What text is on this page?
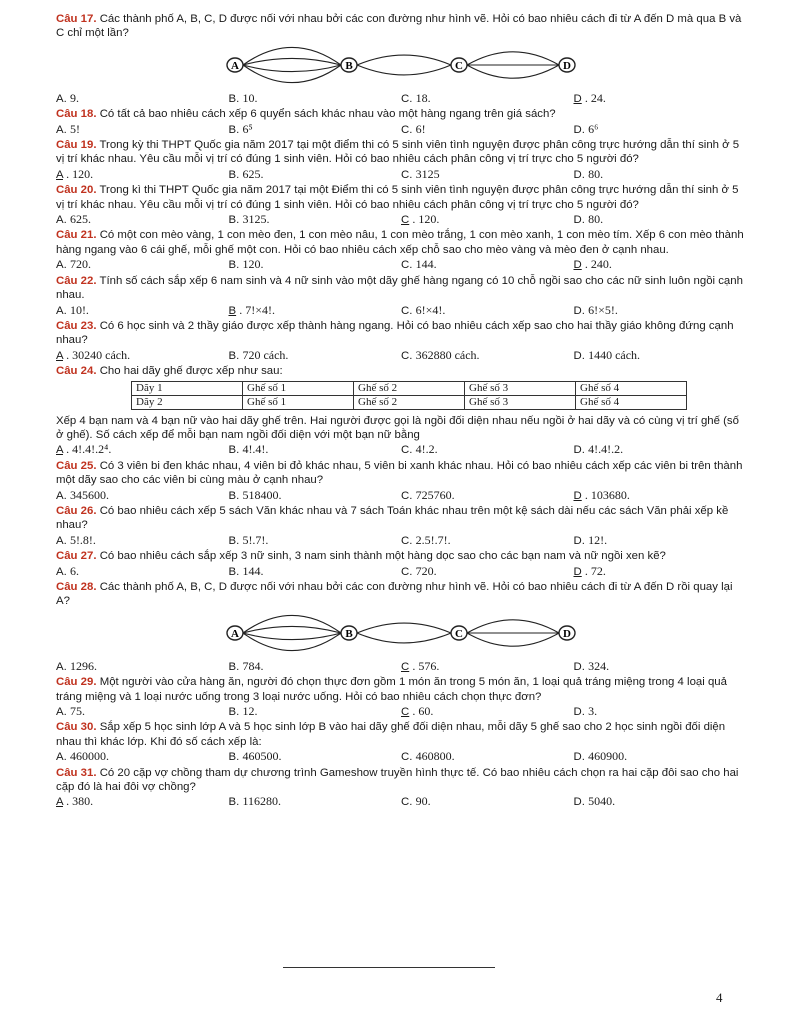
Câu 17. Các thành phố A, B, C, D được nối với nhau bởi các con đường như hình vẽ. Hỏi có bao nhiêu cách đi từ A đến D mà qua B và C chỉ một lần?
A	B	C	D
A. 9.	B. 10.	C. 18.	D . 24.
Câu 18. Có tất cả bao nhiêu cách xếp 6 quyển sách khác nhau vào một hàng ngang trên giá sách?
A. 5!	B. 6⁵	C. 6!	D. 6⁶
Câu 19. Trong kỳ thi THPT Quốc gia năm 2017 tại một điểm thi có 5 sinh viên tình nguyện được phân công trực hướng dẫn thí sinh ở 5 vị trí khác nhau. Yêu cầu mỗi vị trí có đúng 1 sinh viên. Hỏi có bao nhiêu cách phân công vị trí trực cho 5 người đó?
A . 120.	B. 625.	C. 3125	D. 80.
Câu 20. Trong kì thi THPT Quốc gia năm 2017 tại một Điểm thi có 5 sinh viên tình nguyện được phân công trực hướng dẫn thí sinh ở 5 vị trí khác nhau. Yêu cầu mỗi vị trí có đúng 1 sinh viên. Hỏi có bao nhiêu cách phân công vị trí trực cho 5 người đó?
A. 625.	B. 3125.	C . 120.	D. 80.
Câu 21. Có một con mèo vàng, 1 con mèo đen, 1 con mèo nâu, 1 con mèo trắng, 1 con mèo xanh, 1 con mèo tím. Xếp 6 con mèo thành hàng ngang vào 6 cái ghế, mỗi ghế một con. Hỏi có bao nhiêu cách xếp chỗ sao cho mèo vàng và mèo đen ở cạnh nhau.
A. 720.	B. 120.	C. 144.	D . 240.
Câu 22. Tính số cách sắp xếp 6 nam sinh và 4 nữ sinh vào một dãy ghế hàng ngang có 10 chỗ ngồi sao cho các nữ sinh luôn ngồi cạnh nhau.
A. 10!.	B . 7!×4!.	C. 6!×4!.	D. 6!×5!.
Câu 23. Có 6 học sinh và 2 thầy giáo được xếp thành hàng ngang. Hỏi có bao nhiêu cách xếp sao cho hai thầy giáo không đứng cạnh nhau?
A . 30240 cách.	B. 720 cách.	C. 362880 cách.	D. 1440 cách.
Câu 24. Cho hai dãy ghế được xếp như sau:
Dãy 1	Ghế số 1	Ghế số 2	Ghế số 3	Ghế số 4
Dãy 2	Ghế số 1	Ghế số 2	Ghế số 3	Ghế số 4
Xếp 4 bạn nam và 4 bạn nữ vào hai dãy ghế trên. Hai người được gọi là ngồi đối diện nhau nếu ngồi ở hai dãy và có cùng vị trí ghế (số ở ghế). Số cách xếp để mỗi bạn nam ngồi đối diện với một bạn nữ bằng
A . 4!.4!.2⁴.	B. 4!.4!.	C. 4!.2.	D. 4!.4!.2.
Câu 25. Có 3 viên bi đen khác nhau, 4 viên bi đỏ khác nhau, 5 viên bi xanh khác nhau. Hỏi có bao nhiêu cách xếp các viên bi trên thành một dãy sao cho các viên bi cùng màu ở cạnh nhau?
A. 345600.	B. 518400.	C. 725760.	D . 103680.
Câu 26. Có bao nhiêu cách xếp 5 sách Văn khác nhau và 7 sách Toán khác nhau trên một kệ sách dài nếu các sách Văn phải xếp kề nhau?
A. 5!.8!.	B. 5!.7!.	C. 2.5!.7!.	D. 12!.
Câu 27. Có bao nhiêu cách sắp xếp 3 nữ sinh, 3 nam sinh thành một hàng dọc sao cho các bạn nam và nữ ngồi xen kẽ?
A. 6.	B. 144.	C. 720.	D . 72.
Câu 28. Các thành phố A, B, C, D được nối với nhau bởi các con đường như hình vẽ. Hỏi có bao nhiêu cách đi từ A đến D rồi quay lại A?
A	B	C	D
A. 1296.	B. 784.	C . 576.	D. 324.
Câu 29. Một người vào cửa hàng ăn, người đó chọn thực đơn gồm 1 món ăn trong 5 món ăn, 1 loại quả tráng miệng trong 4 loại quả tráng miệng và 1 loại nước uống trong 3 loại nước uống. Hỏi có bao nhiêu cách chọn thực đơn?
A. 75.	B. 12.	C . 60.	D. 3.
Câu 30. Sắp xếp 5 học sinh lớp A và 5 học sinh lớp B vào hai dãy ghế đối diện nhau, mỗi dãy 5 ghế sao cho 2 học sinh ngồi đối diện nhau thì khác lớp. Khi đó số cách xếp là:
A. 460000.	B. 460500.	C. 460800.	D. 460900.
Câu 31. Có 20 cặp vợ chồng tham dự chương trình Gameshow truyền hình thực tế. Có bao nhiêu cách chọn ra hai cặp đôi sao cho hai cặp đó là hai đôi vợ chồng?
A . 380.	B. 116280.	C. 90.	D. 5040.
4
